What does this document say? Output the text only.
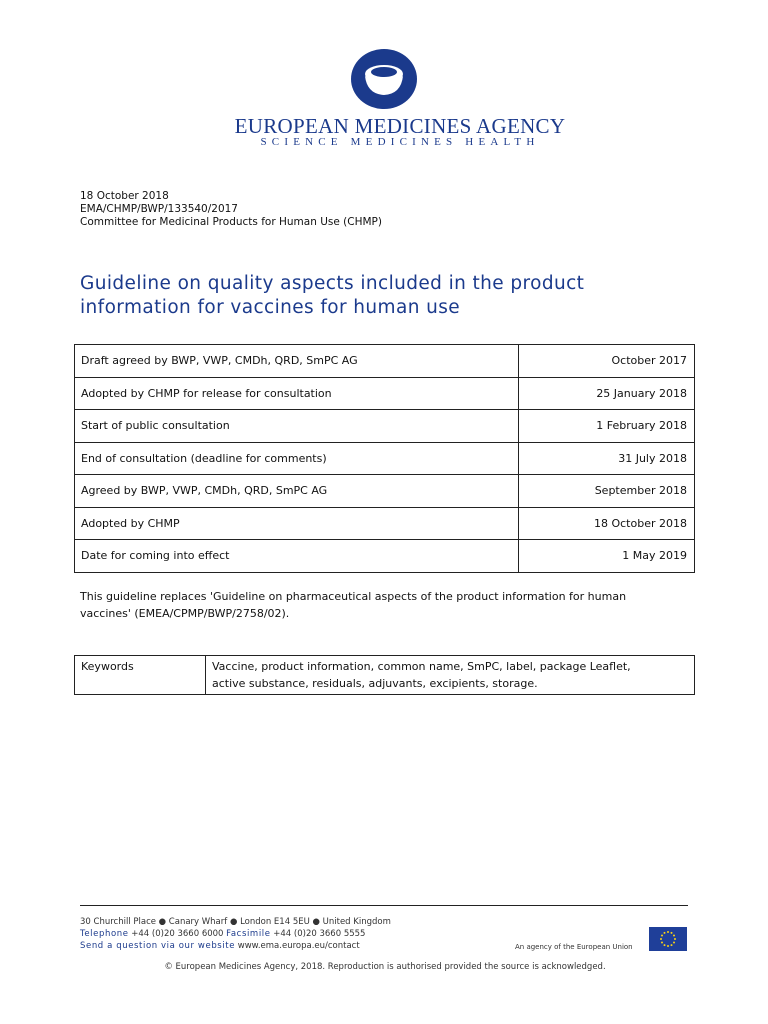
EUROPEAN MEDICINES AGENCY
SCIENCE MEDICINES HEALTH
18 October 2018
EMA/CHMP/BWP/133540/2017
Committee for Medicinal Products for Human Use (CHMP)
Guideline on quality aspects included in the product
information for vaccines for human use
Draft agreed by BWP, VWP, CMDh, QRD, SmPC AG	October 2017
Adopted by CHMP for release for consultation	25 January 2018
Start of public consultation	1 February 2018
End of consultation (deadline for comments)	31 July 2018
Agreed by BWP, VWP, CMDh, QRD, SmPC AG	September 2018
Adopted by CHMP	18 October 2018
Date for coming into effect	1 May 2019
This guideline replaces 'Guideline on pharmaceutical aspects of the product information for human
vaccines' (EMEA/CPMP/BWP/2758/02).
Keywords	Vaccine, product information, common name, SmPC, label, package Leaflet,
active substance, residuals, adjuvants, excipients, storage.
30 Churchill Place ● Canary Wharf ● London E14 5EU ● United Kingdom
Telephone +44 (0)20 3660 6000 Facsimile +44 (0)20 3660 5555
Send a question via our website www.ema.europa.eu/contact	An agency of the European Union
© European Medicines Agency, 2018. Reproduction is authorised provided the source is acknowledged.
